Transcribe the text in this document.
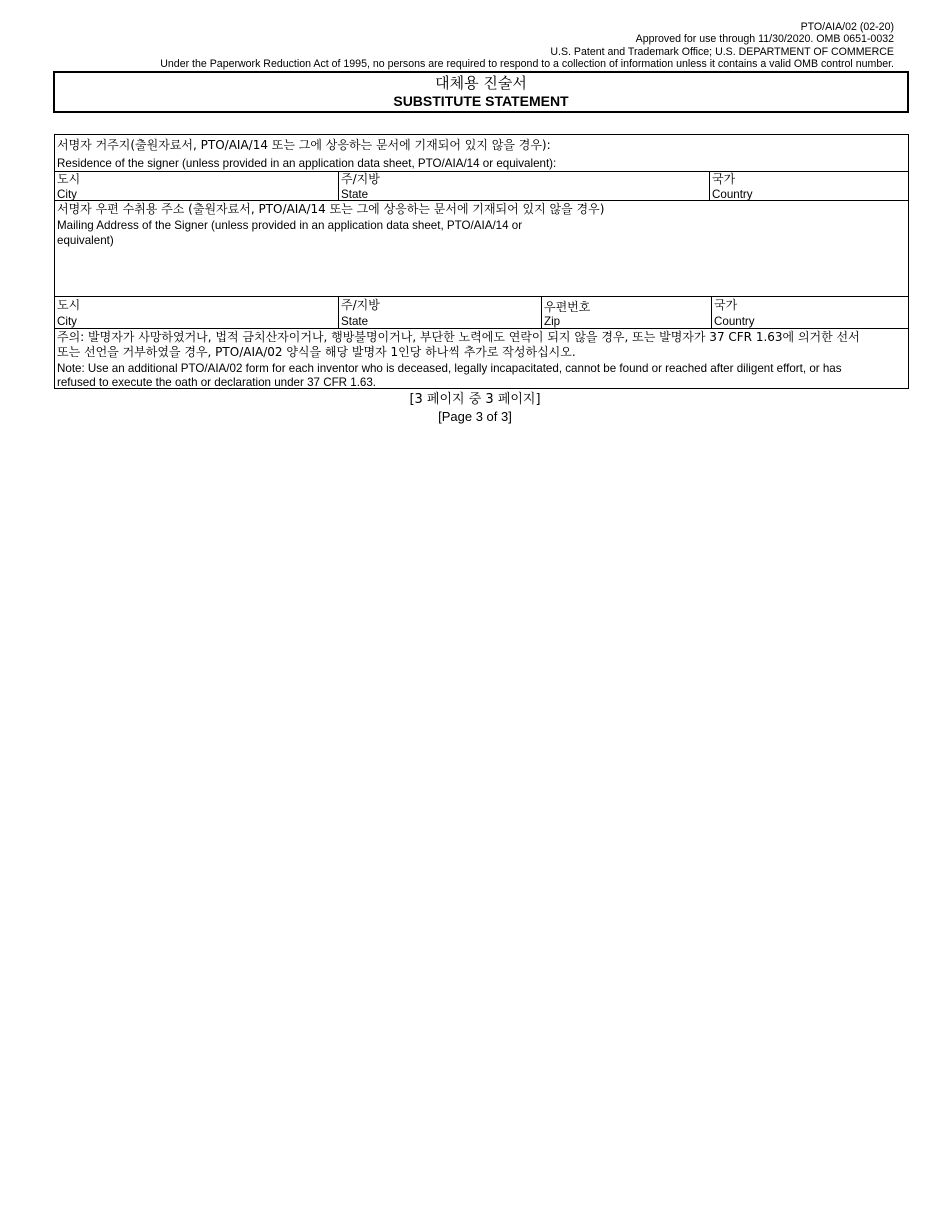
PTO/AIA/02 (02-20)
Approved for use through 11/30/2020. OMB 0651-0032
U.S. Patent and Trademark Office; U.S. DEPARTMENT OF COMMERCE
Under the Paperwork Reduction Act of 1995, no persons are required to respond to a collection of information unless it contains a valid OMB control number.
대체용 진술서
SUBSTITUTE STATEMENT
서명자 거주지(출원자료서, PTO/AIA/14 또는 그에 상응하는 문서에 기재되어 있지 않을 경우):
Residence of the signer (unless provided in an application data sheet, PTO/AIA/14 or equivalent):
도시
City
주/지방
State
국가
Country
서명자 우편 수취용 주소 (출원자료서, PTO/AIA/14 또는 그에 상응하는 문서에 기재되어 있지 않을 경우)
Mailing Address of the Signer (unless provided in an application data sheet, PTO/AIA/14 or
equivalent)
도시
City
주/지방
State
우편번호
Zip
국가
Country
주의: 발명자가 사망하였거나, 법적 금치산자이거나, 행방불명이거나, 부단한 노력에도 연락이 되지 않을 경우, 또는 발명자가 37 CFR 1.63에 의거한 선서
또는 선언을 거부하였을 경우, PTO/AIA/02 양식을 해당 발명자 1인당 하나씩 추가로 작성하십시오.
Note: Use an additional PTO/AIA/02 form for each inventor who is deceased, legally incapacitated, cannot be found or reached after diligent effort, or has
refused to execute the oath or declaration under 37 CFR 1.63.
[3 페이지 중 3 페이지]
[Page 3 of 3]
